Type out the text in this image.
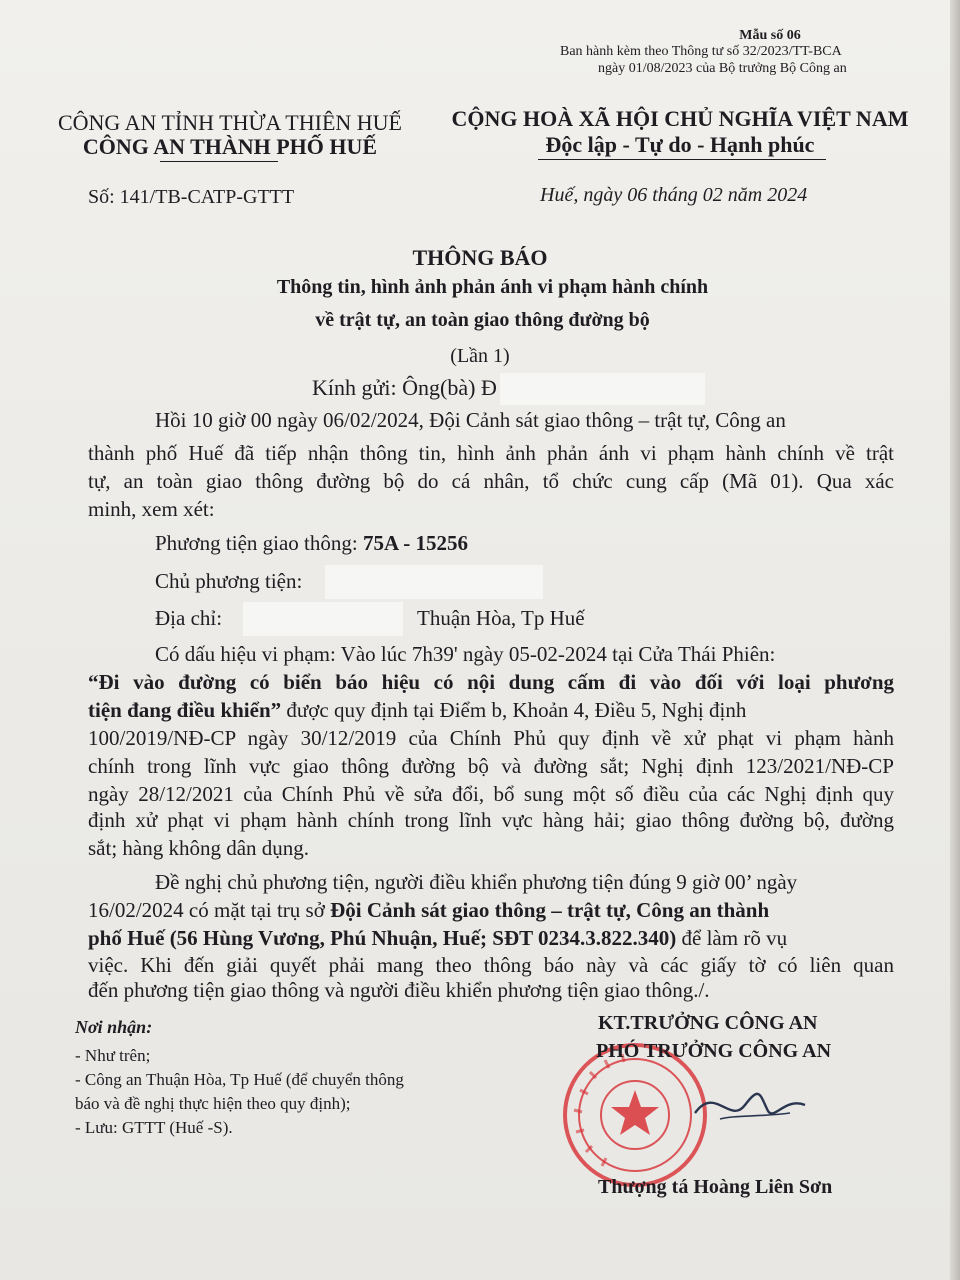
Mẫu số 06
Ban hành kèm theo Thông tư số 32/2023/TT-BCA
ngày 01/08/2023 của Bộ trưởng Bộ Công an
CÔNG AN TỈNH THỪA THIÊN HUẾ
CÔNG AN THÀNH PHỐ HUẾ
CỘNG HOÀ XÃ HỘI CHỦ NGHĨA VIỆT NAM
Độc lập - Tự do - Hạnh phúc
Số: 141/TB-CATP-GTTT	Huế, ngày 06 tháng 02 năm 2024
THÔNG BÁO
Thông tin, hình ảnh phản ánh vi phạm hành chính
về trật tự, an toàn giao thông đường bộ
(Lần 1)
Kính gửi: Ông(bà) Đ
Hồi 10 giờ 00 ngày 06/02/2024, Đội Cảnh sát giao thông – trật tự, Công an
thành phố Huế đã tiếp nhận thông tin, hình ảnh phản ánh vi phạm hành chính về trật
tự, an toàn giao thông đường bộ do cá nhân, tổ chức cung cấp (Mã 01). Qua xác
minh, xem xét:
Phương tiện giao thông: 75A - 15256
Chủ phương tiện:
Địa chỉ:	Thuận Hòa, Tp Huế
Có dấu hiệu vi phạm: Vào lúc 7h39' ngày 05-02-2024 tại Cửa Thái Phiên:
“Đi vào đường có biển báo hiệu có nội dung cấm đi vào đối với loại phương
tiện đang điều khiển” được quy định tại Điểm b, Khoản 4, Điều 5, Nghị định
100/2019/NĐ-CP ngày 30/12/2019 của Chính Phủ quy định về xử phạt vi phạm hành
chính trong lĩnh vực giao thông đường bộ và đường sắt; Nghị định 123/2021/NĐ-CP
ngày 28/12/2021 của Chính Phủ về sửa đổi, bổ sung một số điều của các Nghị định quy
định xử phạt vi phạm hành chính trong lĩnh vực hàng hải; giao thông đường bộ, đường
sắt; hàng không dân dụng.
Đề nghị chủ phương tiện, người điều khiển phương tiện đúng 9 giờ 00’ ngày
16/02/2024 có mặt tại trụ sở Đội Cảnh sát giao thông – trật tự, Công an thành
phố Huế (56 Hùng Vương, Phú Nhuận, Huế; SĐT 0234.3.822.340) để làm rõ vụ
việc. Khi đến giải quyết phải mang theo thông báo này và các giấy tờ có liên quan
đến phương tiện giao thông và người điều khiển phương tiện giao thông./.
Nơi nhận:
- Như trên;
- Công an Thuận Hòa, Tp Huế (để chuyển thông
báo và đề nghị thực hiện theo quy định);
- Lưu: GTTT (Huế -S).
KT.TRƯỞNG CÔNG AN
PHÓ TRƯỞNG CÔNG AN
Thượng tá Hoàng Liên Sơn
